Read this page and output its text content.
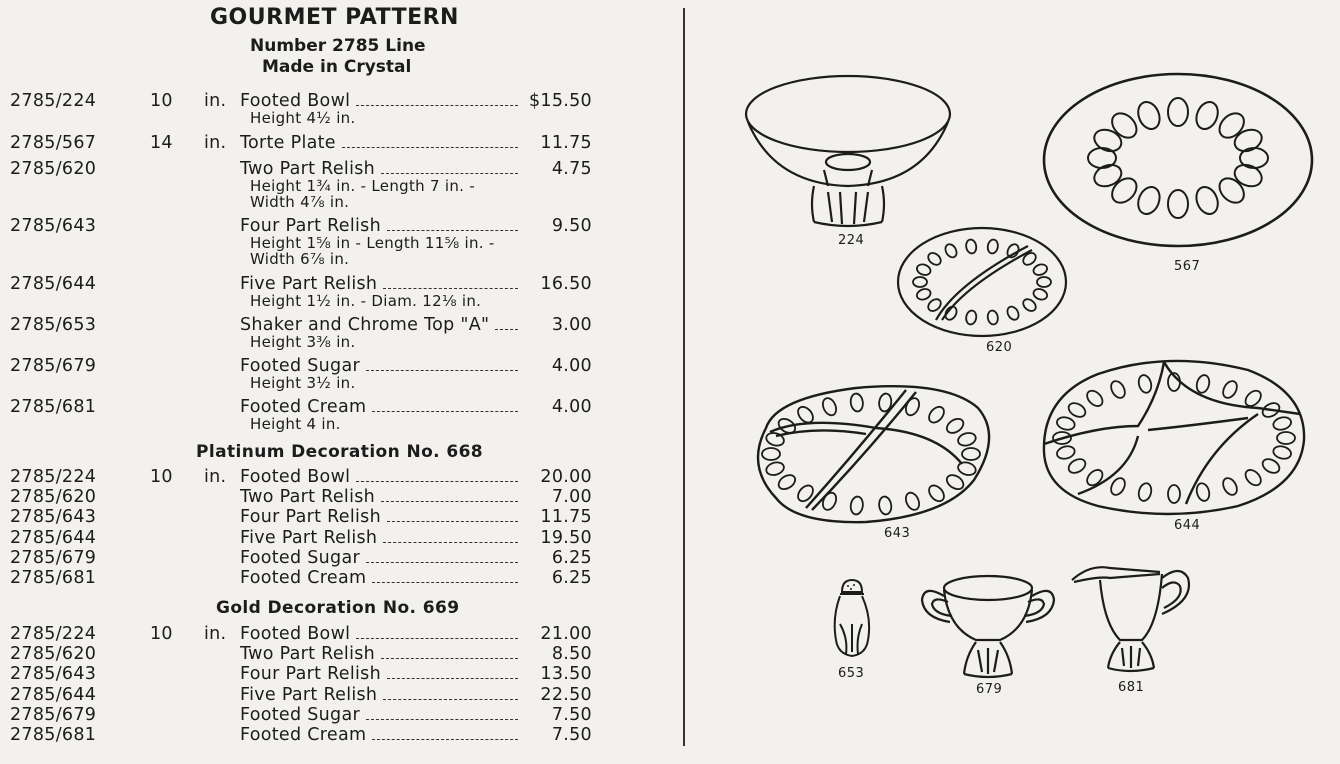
GOURMET PATTERN
Number 2785 Line
Made in Crystal
2785/224	10 in. Footed Bowl	$15.50
Height 4½ in.
2785/567	14 in. Torte Plate	11.75
2785/620	Two Part Relish	4.75
Height 1¾ in. - Length 7 in. -
Width 4⅞ in.
2785/643	Four Part Relish	9.50
Height 1⅝ in - Length 11⅝ in. -
Width 6⅞ in.
2785/644	Five Part Relish	16.50
Height 1½ in. - Diam. 12⅛ in.
2785/653	Shaker and Chrome Top "A"	3.00
Height 3⅜ in.
2785/679	Footed Sugar	4.00
Height 3½ in.
2785/681	Footed Cream	4.00
Height 4 in.
Platinum Decoration No. 668
2785/224	10 in. Footed Bowl	20.00
2785/620	Two Part Relish	7.00
2785/643	Four Part Relish	11.75
2785/644	Five Part Relish	19.50
2785/679	Footed Sugar	6.25
2785/681	Footed Cream	6.25
Gold Decoration No. 669
2785/224	10 in. Footed Bowl	21.00
2785/620	Two Part Relish	8.50
2785/643	Four Part Relish	13.50
2785/644	Five Part Relish	22.50
2785/679	Footed Sugar	7.50
2785/681	Footed Cream	7.50
224
567
620
643
644
653
679	681
